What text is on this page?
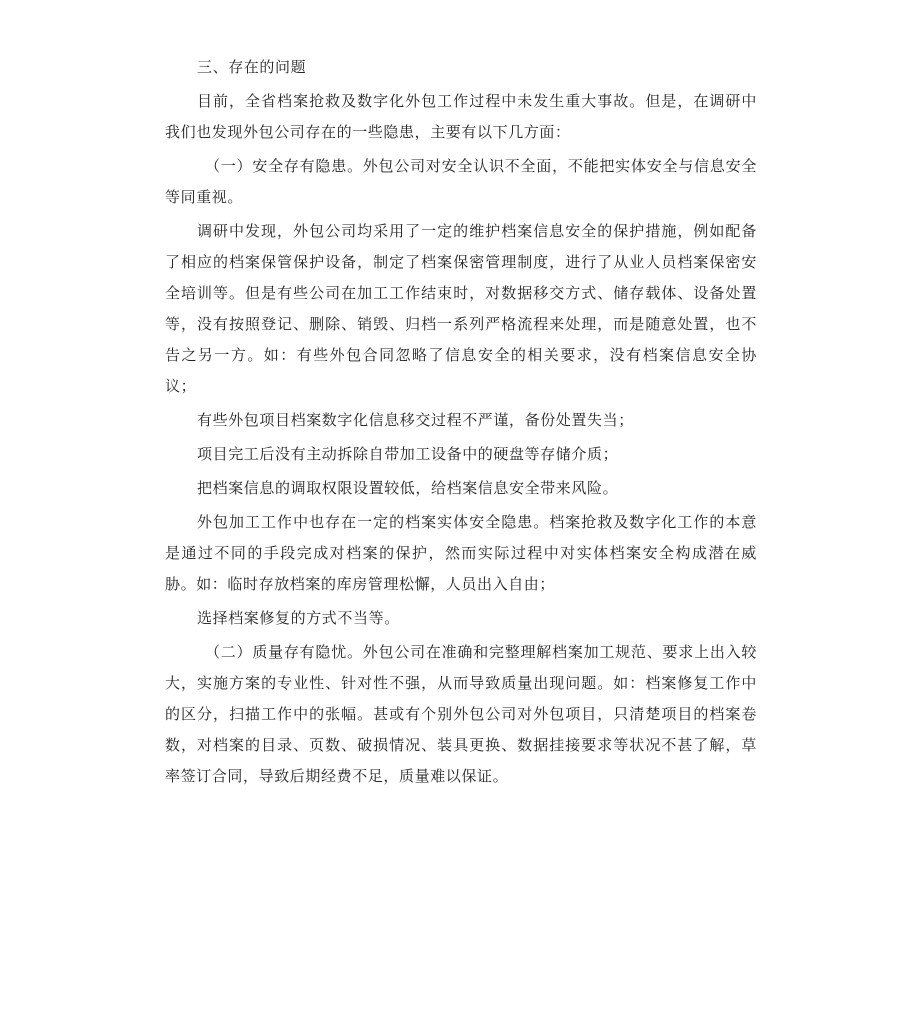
三、存在的问题

目前，全省档案抢救及数字化外包工作过程中未发生重大事故。但是，在调研中我们也发现外包公司存在的一些隐患，主要有以下几方面：

（一）安全存有隐患。外包公司对安全认识不全面，不能把实体安全与信息安全等同重视。

调研中发现，外包公司均采用了一定的维护档案信息安全的保护措施，例如配备了相应的档案保管保护设备，制定了档案保密管理制度，进行了从业人员档案保密安全培训等。但是有些公司在加工工作结束时，对数据移交方式、储存载体、设备处置等，没有按照登记、删除、销毁、归档一系列严格流程来处理，而是随意处置，也不告之另一方。如：有些外包合同忽略了信息安全的相关要求，没有档案信息安全协议；

有些外包项目档案数字化信息移交过程不严谨，备份处置失当；

项目完工后没有主动拆除自带加工设备中的硬盘等存储介质；

把档案信息的调取权限设置较低，给档案信息安全带来风险。

外包加工工作中也存在一定的档案实体安全隐患。档案抢救及数字化工作的本意是通过不同的手段完成对档案的保护，然而实际过程中对实体档案安全构成潜在威胁。如：临时存放档案的库房管理松懈，人员出入自由；

选择档案修复的方式不当等。

（二）质量存有隐忧。外包公司在准确和完整理解档案加工规范、要求上出入较大，实施方案的专业性、针对性不强，从而导致质量出现问题。如：档案修复工作中的区分，扫描工作中的张幅。甚或有个别外包公司对外包项目，只清楚项目的档案卷数，对档案的目录、页数、破损情况、装具更换、数据挂接要求等状况不甚了解，草率签订合同，导致后期经费不足，质量难以保证。
